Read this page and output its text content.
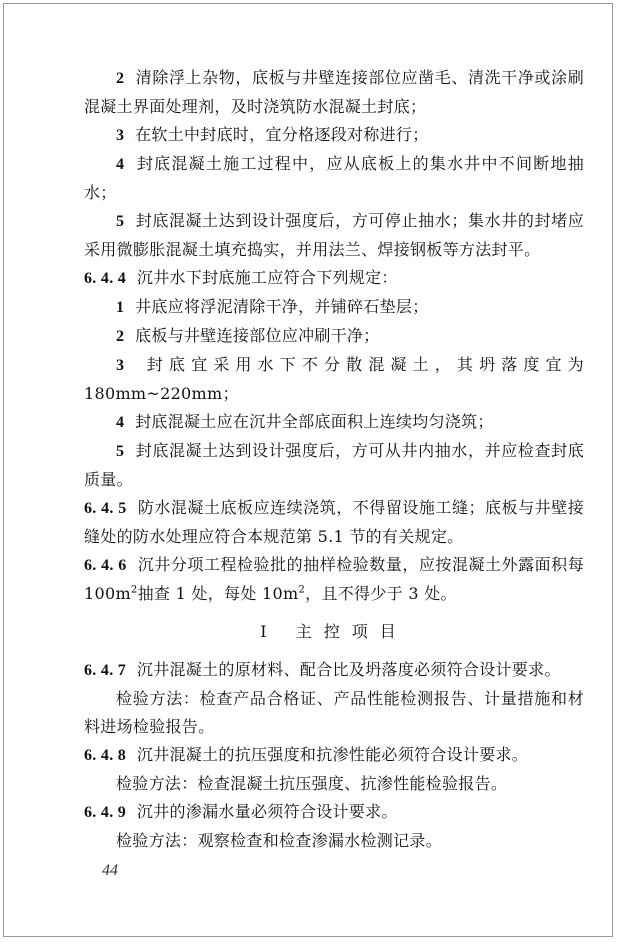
2 清除浮上杂物，底板与井壁连接部位应凿毛、清洗干净或涂刷混凝土界面处理剂，及时浇筑防水混凝土封底；

3 在软土中封底时，宜分格逐段对称进行；

4 封底混凝土施工过程中，应从底板上的集水井中不间断地抽水；

5 封底混凝土达到设计强度后，方可停止抽水；集水井的封堵应采用微膨胀混凝土填充捣实，并用法兰、焊接钢板等方法封平。

6. 4. 4 沉井水下封底施工应符合下列规定：

1 井底应将浮泥清除干净，并铺碎石垫层；

2 底板与井壁连接部位应冲刷干净；

3 封底宜采用水下不分散混凝土，其坍落度宜为 180mm~220mm；

4 封底混凝土应在沉井全部底面积上连续均匀浇筑；

5 封底混凝土达到设计强度后，方可从井内抽水，并应检查封底质量。

6. 4. 5 防水混凝土底板应连续浇筑，不得留设施工缝；底板与井壁接缝处的防水处理应符合本规范第 5.1 节的有关规定。

6. 4. 6 沉井分项工程检验批的抽样检验数量，应按混凝土外露面积每 $100m^2$抽查 1 处，每处 $10m^2$，且不得少于 3 处。

Ⅰ 主控项目

6. 4. 7 沉井混凝土的原材料、配合比及坍落度必须符合设计要求。

检验方法：检查产品合格证、产品性能检测报告、计量措施和材料进场检验报告。

6. 4. 8 沉井混凝土的抗压强度和抗渗性能必须符合设计要求。

检验方法：检查混凝土抗压强度、抗渗性能检验报告。

6. 4. 9 沉井的渗漏水量必须符合设计要求。

检验方法：观察检查和检查渗漏水检测记录。

44
